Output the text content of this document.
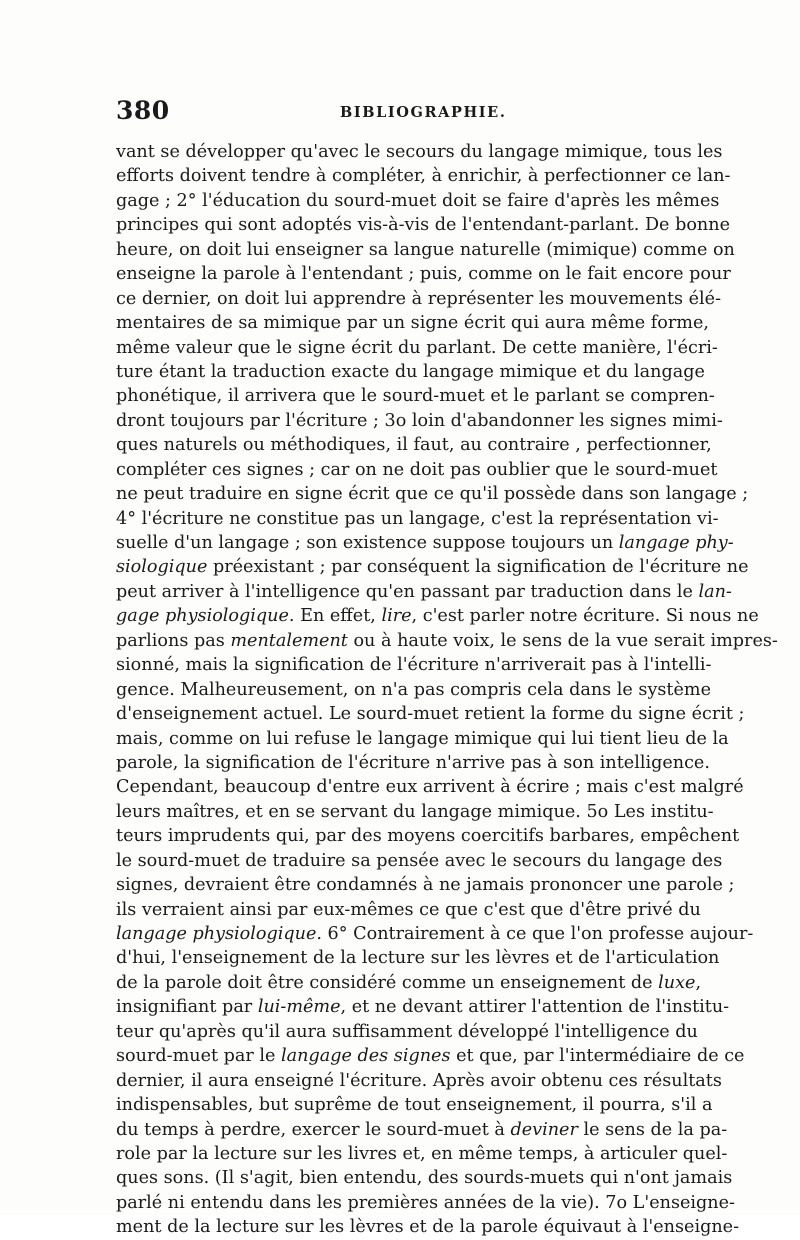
380	BIBLIOGRAPHIE.
vant se développer qu'avec le secours du langage mimique, tous les
efforts doivent tendre à compléter, à enrichir, à perfectionner ce lan-
gage ; 2° l'éducation du sourd-muet doit se faire d'après les mêmes
principes qui sont adoptés vis-à-vis de l'entendant-parlant. De bonne
heure, on doit lui enseigner sa langue naturelle (mimique) comme on
enseigne la parole à l'entendant ; puis, comme on le fait encore pour
ce dernier, on doit lui apprendre à représenter les mouvements élé-
mentaires de sa mimique par un signe écrit qui aura même forme,
même valeur que le signe écrit du parlant. De cette manière, l'écri-
ture étant la traduction exacte du langage mimique et du langage
phonétique, il arrivera que le sourd-muet et le parlant se compren-
dront toujours par l'écriture ; 3o loin d'abandonner les signes mimi-
ques naturels ou méthodiques, il faut, au contraire , perfectionner,
compléter ces signes ; car on ne doit pas oublier que le sourd-muet
ne peut traduire en signe écrit que ce qu'il possède dans son langage ;
4° l'écriture ne constitue pas un langage, c'est la représentation vi-
suelle d'un langage ; son existence suppose toujours un langage phy-
siologique préexistant ; par conséquent la signification de l'écriture ne
peut arriver à l'intelligence qu'en passant par traduction dans le lan-
gage physiologique. En effet, lire, c'est parler notre écriture. Si nous ne
parlions pas mentalement ou à haute voix, le sens de la vue serait impres-
sionné, mais la signification de l'écriture n'arriverait pas à l'intelli-
gence. Malheureusement, on n'a pas compris cela dans le système
d'enseignement actuel. Le sourd-muet retient la forme du signe écrit ;
mais, comme on lui refuse le langage mimique qui lui tient lieu de la
parole, la signification de l'écriture n'arrive pas à son intelligence.
Cependant, beaucoup d'entre eux arrivent à écrire ; mais c'est malgré
leurs maîtres, et en se servant du langage mimique. 5o Les institu-
teurs imprudents qui, par des moyens coercitifs barbares, empêchent
le sourd-muet de traduire sa pensée avec le secours du langage des
signes, devraient être condamnés à ne jamais prononcer une parole ;
ils verraient ainsi par eux-mêmes ce que c'est que d'être privé du
langage physiologique. 6° Contrairement à ce que l'on professe aujour-
d'hui, l'enseignement de la lecture sur les lèvres et de l'articulation
de la parole doit être considéré comme un enseignement de luxe,
insignifiant par lui-même, et ne devant attirer l'attention de l'institu-
teur qu'après qu'il aura suffisamment développé l'intelligence du
sourd-muet par le langage des signes et que, par l'intermédiaire de ce
dernier, il aura enseigné l'écriture. Après avoir obtenu ces résultats
indispensables, but suprême de tout enseignement, il pourra, s'il a
du temps à perdre, exercer le sourd-muet à deviner le sens de la pa-
role par la lecture sur les livres et, en même temps, à articuler quel-
ques sons. (Il s'agit, bien entendu, des sourds-muets qui n'ont jamais
parlé ni entendu dans les premières années de la vie). 7o L'enseigne-
ment de la lecture sur les lèvres et de la parole équivaut à l'enseigne-
